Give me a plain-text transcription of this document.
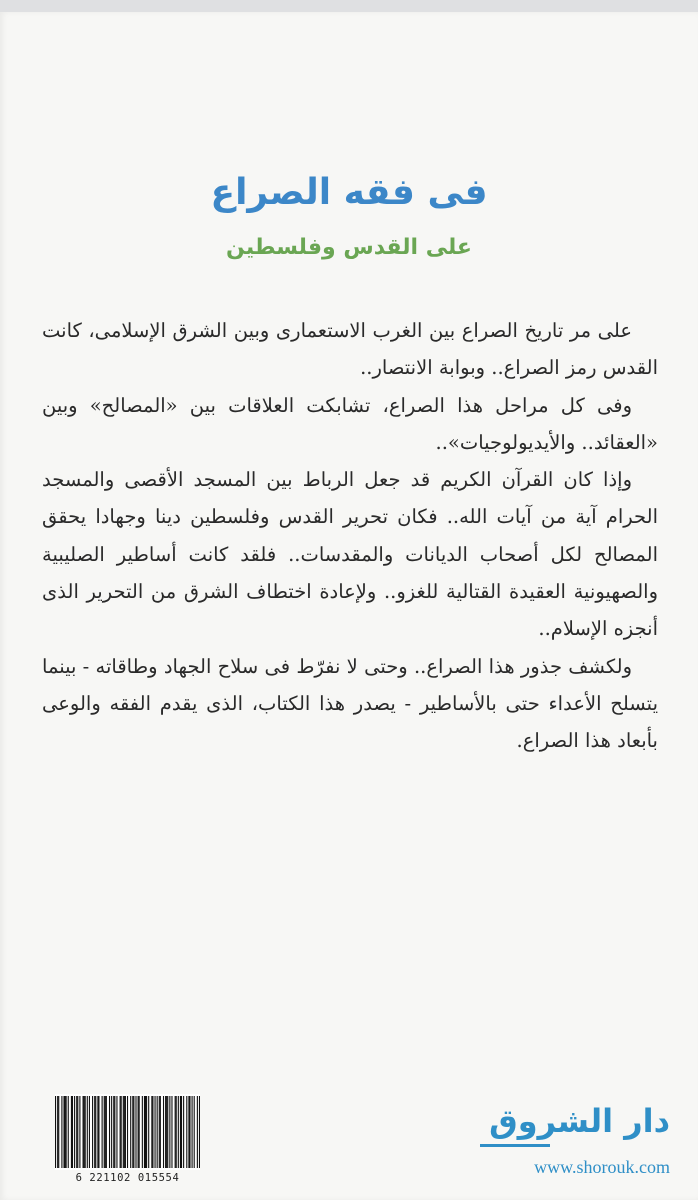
فى فقه الصراع
على القدس وفلسطين

على مر تاريخ الصراع بين الغرب الاستعمارى وبين الشرق الإسلامى، كانت القدس رمز الصراع.. وبوابة الانتصار..

وفى كل مراحل هذا الصراع، تشابكت العلاقات بين «المصالح» وبين «العقائد.. والأيديولوجيات»..

وإذا كان القرآن الكريم قد جعل الرباط بين المسجد الأقصى والمسجد الحرام آية من آيات الله.. فكان تحرير القدس وفلسطين دينا وجهادا يحقق المصالح لكل أصحاب الديانات والمقدسات.. فلقد كانت أساطير الصليبية والصهيونية العقيدة القتالية للغزو.. ولإعادة اختطاف الشرق من التحرير الذى أنجزه الإسلام..

ولكشف جذور هذا الصراع.. وحتى لا نفرّط فى سلاح الجهاد وطاقاته - بينما يتسلح الأعداء حتى بالأساطير - يصدر هذا الكتاب، الذى يقدم الفقه والوعى بأبعاد هذا الصراع.

6 221102 015554
دار الشروق
www.shorouk.com
